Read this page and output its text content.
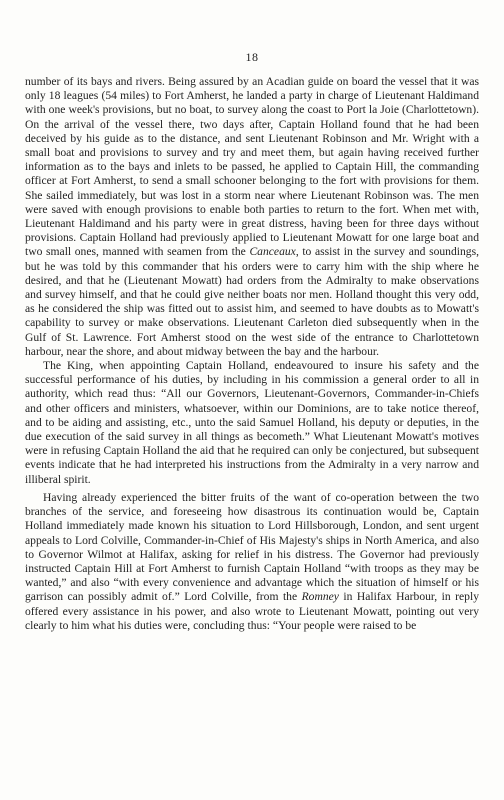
18

number of its bays and rivers. Being assured by an Acadian guide on board the vessel that it was only 18 leagues (54 miles) to Fort Amherst, he landed a party in charge of Lieutenant Haldimand with one week's provisions, but no boat, to survey along the coast to Port la Joie (Charlottetown). On the arrival of the vessel there, two days after, Captain Holland found that he had been deceived by his guide as to the distance, and sent Lieutenant Robinson and Mr. Wright with a small boat and provisions to survey and try and meet them, but again having received further information as to the bays and inlets to be passed, he applied to Captain Hill, the commanding officer at Fort Amherst, to send a small schooner belonging to the fort with provisions for them. She sailed immediately, but was lost in a storm near where Lieutenant Robinson was. The men were saved with enough provisions to enable both parties to return to the fort. When met with, Lieutenant Haldimand and his party were in great distress, having been for three days without provisions. Captain Holland had previously applied to Lieutenant Mowatt for one large boat and two small ones, manned with seamen from the Canceaux, to assist in the survey and soundings, but he was told by this commander that his orders were to carry him with the ship where he desired, and that he (Lieutenant Mowatt) had orders from the Admiralty to make observations and survey himself, and that he could give neither boats nor men. Holland thought this very odd, as he considered the ship was fitted out to assist him, and seemed to have doubts as to Mowatt's capability to survey or make observations. Lieutenant Carleton died subsequently when in the Gulf of St. Lawrence. Fort Amherst stood on the west side of the entrance to Charlottetown harbour, near the shore, and about midway between the bay and the harbour.

The King, when appointing Captain Holland, endeavoured to insure his safety and the successful performance of his duties, by including in his commission a general order to all in authority, which read thus: “All our Governors, Lieutenant-Governors, Commander-in-Chiefs and other officers and ministers, whatsoever, within our Dominions, are to take notice thereof, and to be aiding and assisting, etc., unto the said Samuel Holland, his deputy or deputies, in the due execution of the said survey in all things as becometh.” What Lieutenant Mowatt's motives were in refusing Captain Holland the aid that he required can only be conjectured, but subsequent events indicate that he had interpreted his instructions from the Admiralty in a very narrow and illiberal spirit.

Having already experienced the bitter fruits of the want of co-operation between the two branches of the service, and foreseeing how disastrous its continuation would be, Captain Holland immediately made known his situation to Lord Hillsborough, London, and sent urgent appeals to Lord Colville, Commander-in-Chief of His Majesty's ships in North America, and also to Governor Wilmot at Halifax, asking for relief in his distress. The Governor had previously instructed Captain Hill at Fort Amherst to furnish Captain Holland “with troops as they may be wanted,” and also “with every convenience and advantage which the situation of himself or his garrison can possibly admit of.” Lord Colville, from the Romney in Halifax Harbour, in reply offered every assistance in his power, and also wrote to Lieutenant Mowatt, pointing out very clearly to him what his duties were, concluding thus: “Your people were raised to be
